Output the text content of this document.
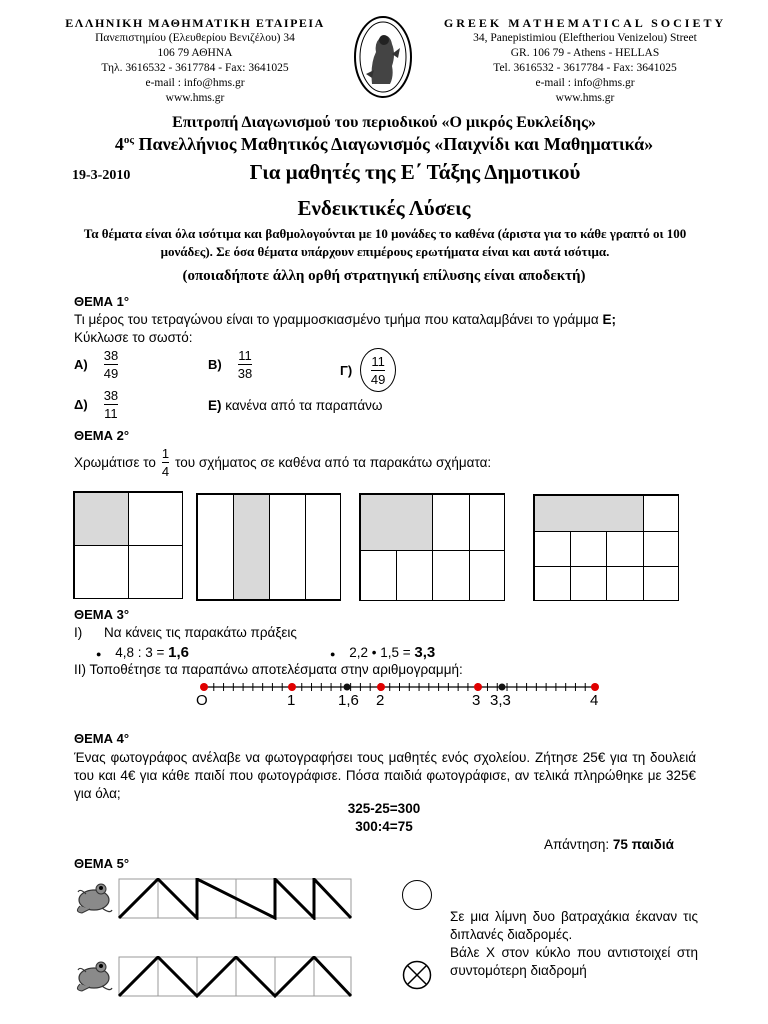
ΕΛΛΗΝΙΚΗ ΜΑΘΗΜΑΤΙΚΗ ΕΤΑΙΡΕΙΑ
Πανεπιστημίου (Ελευθερίου Βενιζέλου) 34
106 79 ΑΘΗΝΑ
Τηλ. 3616532 - 3617784 - Fax: 3641025
e-mail : info@hms.gr
www.hms.gr
GREEK MATHEMATICAL SOCIETY
34, Panepistimiou (Eleftheriou Venizelou) Street
GR. 106 79 - Athens - HELLAS
Tel. 3616532 - 3617784 - Fax: 3641025
e-mail : info@hms.gr
www.hms.gr
Επιτροπή Διαγωνισμού του περιοδικού «Ο μικρός Ευκλείδης»
$4^{o\varsigma}$ Πανελλήνιος Μαθητικός Διαγωνισμός «Παιχνίδι και Μαθηματικά»
19-3-2010	Για μαθητές της Ε΄ Τάξης Δημοτικού
Ενδεικτικές Λύσεις
Τα θέματα είναι όλα ισότιμα και βαθμολογούνται με 10 μονάδες το καθένα (άριστα για το κάθε γραπτό οι 100 μονάδες). Σε όσα θέματα υπάρχουν επιμέρους ερωτήματα είναι και αυτά ισότιμα.
(οποιαδήποτε άλλη ορθή στρατηγική επίλυσης είναι αποδεκτή)
ΘΕΜΑ 1°
Τι μέρος του τετραγώνου είναι το γραμμοσκιασμένο τμήμα που καταλαμβάνει το γράμμα Ε;
Κύκλωσε το σωστό:
$A) \frac{38}{49}$	$B) \frac{11}{38}$	$\Gamma) \frac{11}{49}$
$\Delta) \frac{38}{11}$	Ε) κανένα από τα παραπάνω
ΘΕΜΑ 2°
Χρωμάτισε το $\frac{1}{4}$ του σχήματος σε καθένα από τα παρακάτω σχήματα:
ΘΕΜΑ 3°
Ι) Να κάνεις τις παρακάτω πράξεις
● 4,8 : 3 = 1,6	● 2,2 • 1,5 = 3,3
ΙΙ) Τοποθέτησε τα παραπάνω αποτελέσματα στην αριθμογραμμή:
Ο	1	1,6 2	3 3,3	4
ΘΕΜΑ 4°
Ένας φωτογράφος ανέλαβε να φωτογραφήσει τους μαθητές ενός σχολείου. Ζήτησε 25€ για τη δουλειά του και 4€ για κάθε παιδί που φωτογράφισε. Πόσα παιδιά φωτογράφισε, αν τελικά πληρώθηκε με 325€ για όλα;
325-25=300
300:4=75
Απάντηση: 75 παιδιά
ΘΕΜΑ 5°
Σε μια λίμνη δυο βατραχάκια έκαναν τις διπλανές διαδρομές.
Βάλε Χ στον κύκλο που αντιστοιχεί στη συντομότερη διαδρομή
